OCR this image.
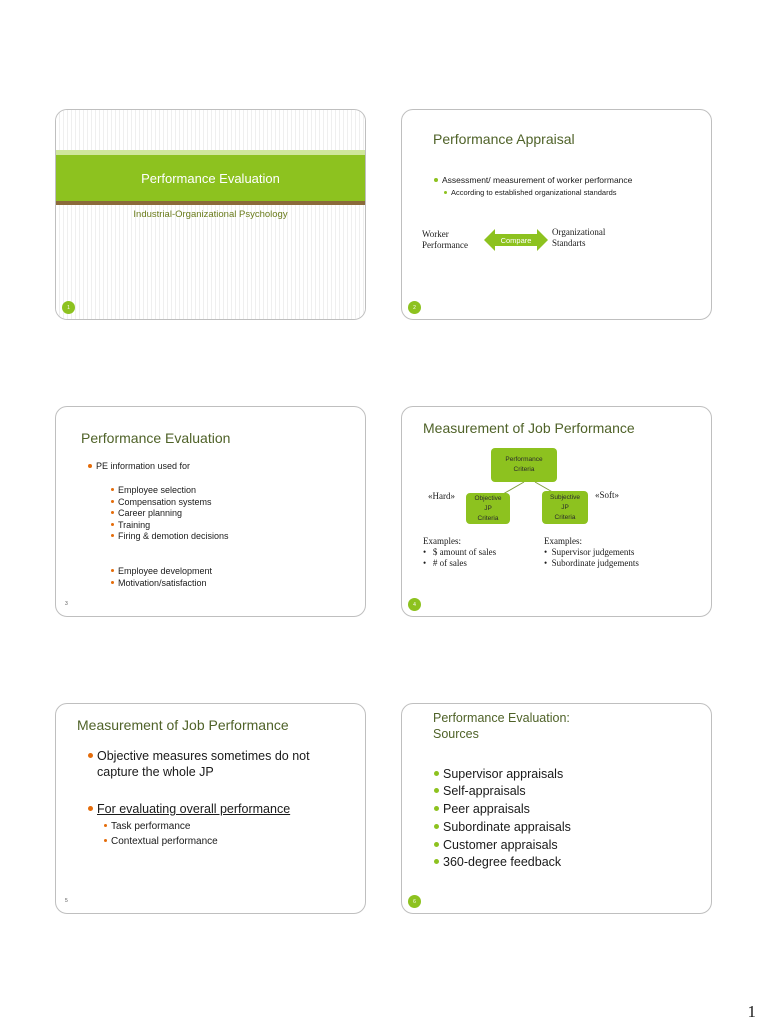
Performance Evaluation
Industrial-Organizational Psychology
1
Performance Appraisal
Assessment/ measurement of worker performance
According to established organizational standards
Worker
Performance	Compare
Organizational
Standarts
2
Performance Evaluation
PE information used for
Employee selection
Compensation systems
Career planning
Training
Firing & demotion decisions
Employee development
Motivation/satisfaction
3
Measurement of Job Performance
Performance
Criteria
Objective
JP
Criteria
Subjective
JP
Criteria
«Hard»	«Soft»
Examples:
•   $ amount of sales
•   # of sales
Examples:
•  Supervisor judgements
•  Subordinate judgements
4
Measurement of Job Performance
Objective measures sometimes do not
capture the whole JP
For evaluating overall performance
Task performance
Contextual performance
5
Performance Evaluation:
Sources
Supervisor appraisals
Self-appraisals
Peer appraisals
Subordinate appraisals
Customer appraisals
360-degree feedback
6
1
